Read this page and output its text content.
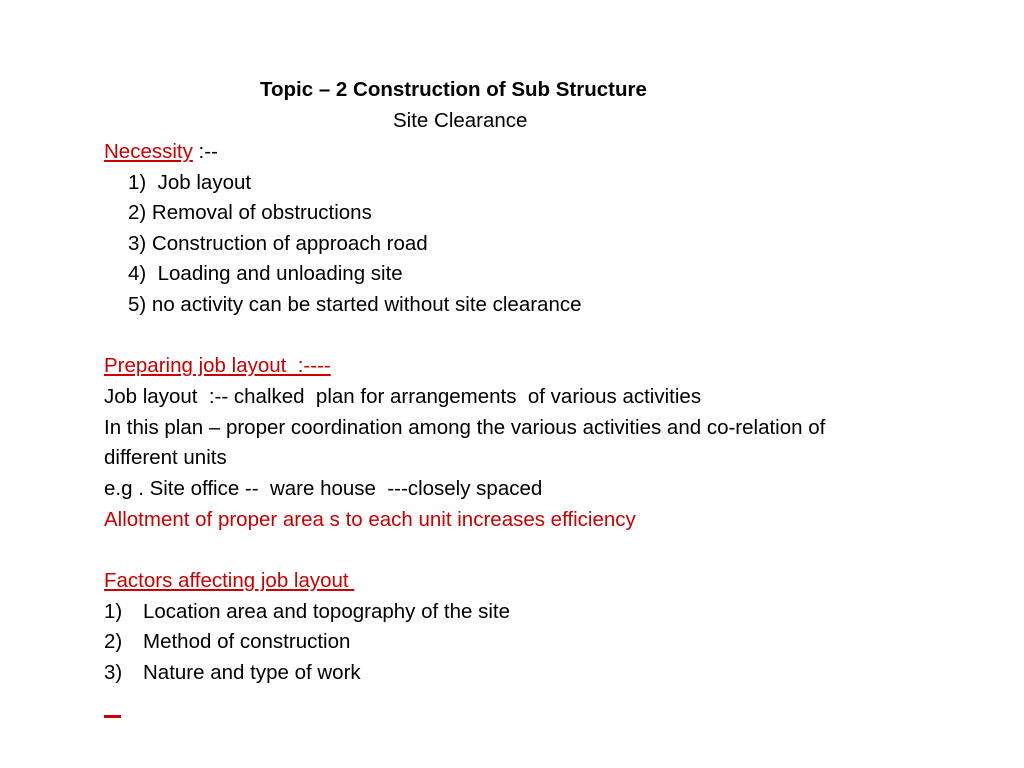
Topic – 2 Construction of Sub Structure
Site Clearance
Necessity :--
1)  Job layout
2) Removal of obstructions
3) Construction of approach road
4)  Loading and unloading site
5) no activity can be started without site clearance
Preparing job layout  :----
Job layout  :-- chalked  plan for arrangements  of various activities
In this plan – proper coordination among the various activities and co-relation of
different units
e.g . Site office --  ware house  ---closely spaced
Allotment of proper area s to each unit increases efficiency
Factors affecting job layout
1) Location area and topography of the site
2) Method of construction
3) Nature and type of work
